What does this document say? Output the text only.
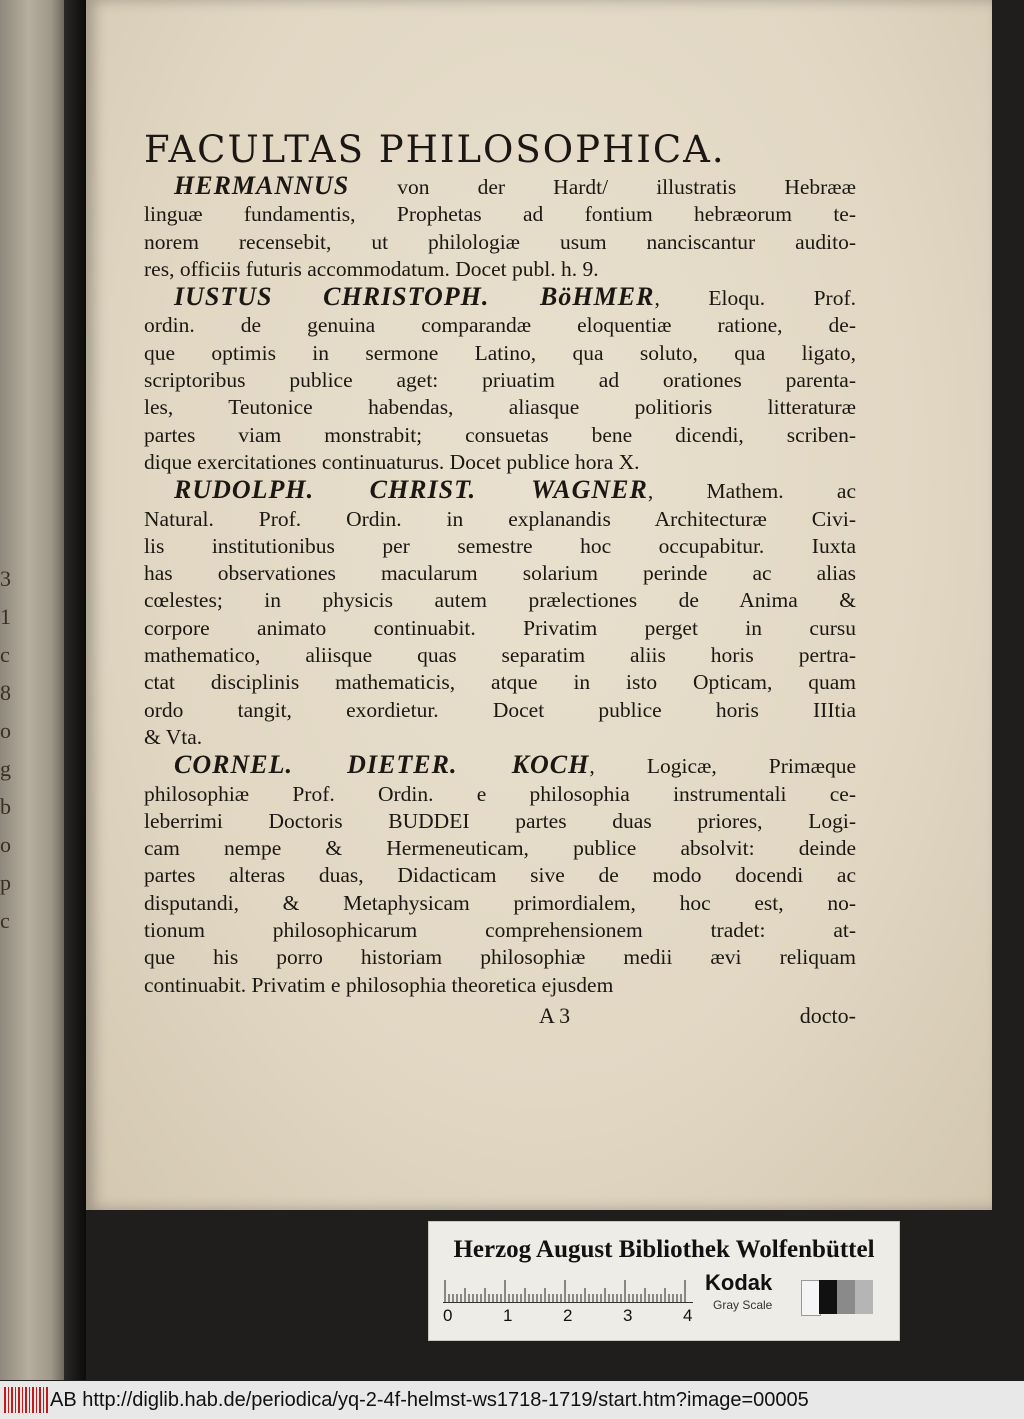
3
1
c
8
o
g
b
o
p
c
FACULTAS PHILOSOPHICA.
HERMANNUS von der Hardt/ illustratis Hebrææ
linguæ fundamentis, Prophetas ad fontium hebræorum te-
norem recensebit, ut philologiæ usum nanciscantur audito-
res, officiis futuris accommodatum. Docet publ. h. 9.
IUSTUS CHRISTOPH. BöHMER, Eloqu. Prof.
ordin. de genuina comparandæ eloquentiæ ratione, de-
que optimis in sermone Latino, qua soluto, qua ligato,
scriptoribus publice aget: priuatim ad orationes parenta-
les, Teutonice habendas, aliasque politioris litteraturæ
partes viam monstrabit; consuetas bene dicendi, scriben-
dique exercitationes continuaturus. Docet publice hora X.
RUDOLPH. CHRIST. WAGNER, Mathem. ac
Natural. Prof. Ordin. in explanandis Architecturæ Civi-
lis institutionibus per semestre hoc occupabitur. Iuxta
has observationes macularum solarium perinde ac alias
cœlestes; in physicis autem prælectiones de Anima &
corpore animato continuabit. Privatim perget in cursu
mathematico, aliisque quas separatim aliis horis pertra-
ctat disciplinis mathematicis, atque in isto Opticam, quam
ordo tangit, exordietur. Docet publice horis IIItia
& Vta.
CORNEL. DIETER. KOCH, Logicæ, Primæque
philosophiæ Prof. Ordin. e philosophia instrumentali ce-
leberrimi Doctoris BUDDEI partes duas priores, Logi-
cam nempe & Hermeneuticam, publice absolvit: deinde
partes alteras duas, Didacticam sive de modo docendi ac
disputandi, & Metaphysicam primordialem, hoc est, no-
tionum philosophicarum comprehensionem tradet: at-
que his porro historiam philosophiæ medii ævi reliquam
continuabit. Privatim e philosophia theoretica ejusdem
A 3	docto-
Herzog August Bibliothek Wolfenbüttel
0	1	2	3	4
Kodak
Gray Scale
AB http://diglib.hab.de/periodica/yq-2-4f-helmst-ws1718-1719/start.htm?image=00005
